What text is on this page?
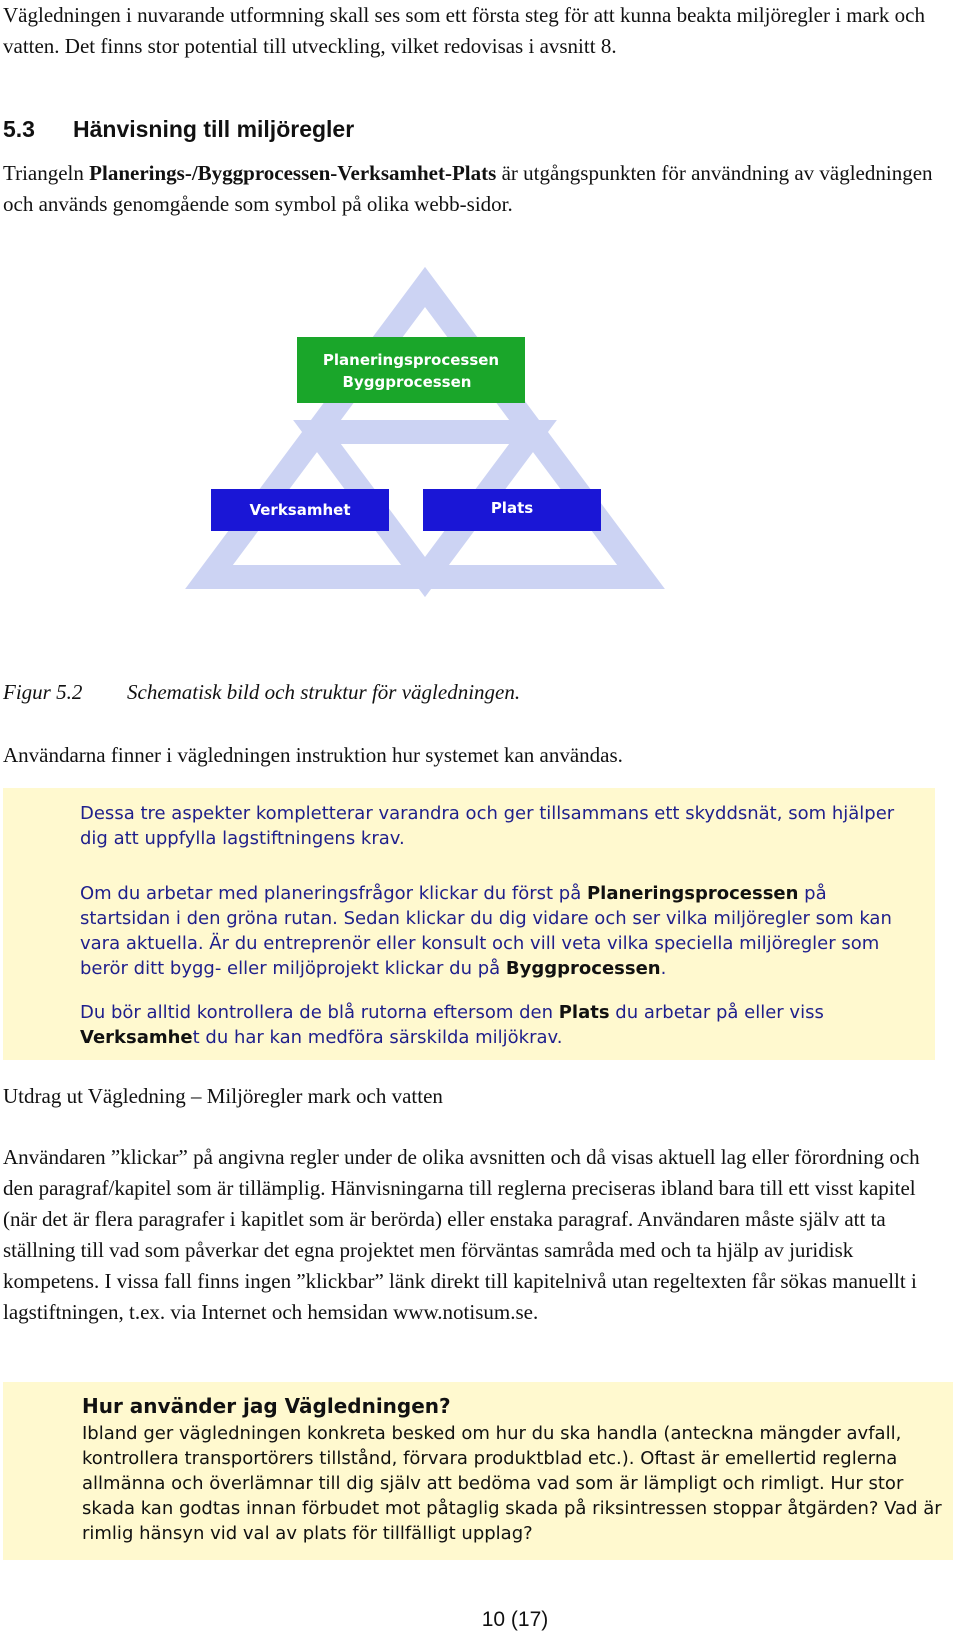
Vägledningen i nuvarande utformning skall ses som ett första steg för att kunna beakta miljöregler i mark och vatten. Det finns stor potential till utveckling, vilket redovisas i avsnitt 8.

5.3 Hänvisning till miljöregler

Triangeln Planerings-/Byggprocessen-Verksamhet-Plats är utgångspunkten för användning av vägledningen och används genomgående som symbol på olika webb-sidor.

Planeringsprocessen
Byggprocessen
Verksamhet	Plats

Figur 5.2 Schematisk bild och struktur för vägledningen.

Användarna finner i vägledningen instruktion hur systemet kan användas.

Dessa tre aspekter kompletterar varandra och ger tillsammans ett skyddsnät, som hjälper dig att uppfylla lagstiftningens krav.

Om du arbetar med planeringsfrågor klickar du först på Planeringsprocessen på startsidan i den gröna rutan. Sedan klickar du dig vidare och ser vilka miljöregler som kan vara aktuella. Är du entreprenör eller konsult och vill veta vilka speciella miljöregler som berör ditt bygg- eller miljöprojekt klickar du på Byggprocessen.

Du bör alltid kontrollera de blå rutorna eftersom den Plats du arbetar på eller viss Verksamhet du har kan medföra särskilda miljökrav.

Utdrag ut Vägledning – Miljöregler mark och vatten

Användaren ”klickar” på angivna regler under de olika avsnitten och då visas aktuell lag eller förordning och den paragraf/kapitel som är tillämplig. Hänvisningarna till reglerna preciseras ibland bara till ett visst kapitel (när det är flera paragrafer i kapitlet som är berörda) eller enstaka paragraf. Användaren måste själv att ta ställning till vad som påverkar det egna projektet men förväntas samråda med och ta hjälp av juridisk kompetens. I vissa fall finns ingen ”klickbar” länk direkt till kapitelnivå utan regeltexten får sökas manuellt i lagstiftningen, t.ex. via Internet och hemsidan www.notisum.se.

Hur använder jag Vägledningen?

Ibland ger vägledningen konkreta besked om hur du ska handla (anteckna mängder avfall, kontrollera transportörers tillstånd, förvara produktblad etc.). Oftast är emellertid reglerna allmänna och överlämnar till dig själv att bedöma vad som är lämpligt och rimligt. Hur stor skada kan godtas innan förbudet mot påtaglig skada på riksintressen stoppar åtgärden? Vad är rimlig hänsyn vid val av plats för tillfälligt upplag?

10 (17)
